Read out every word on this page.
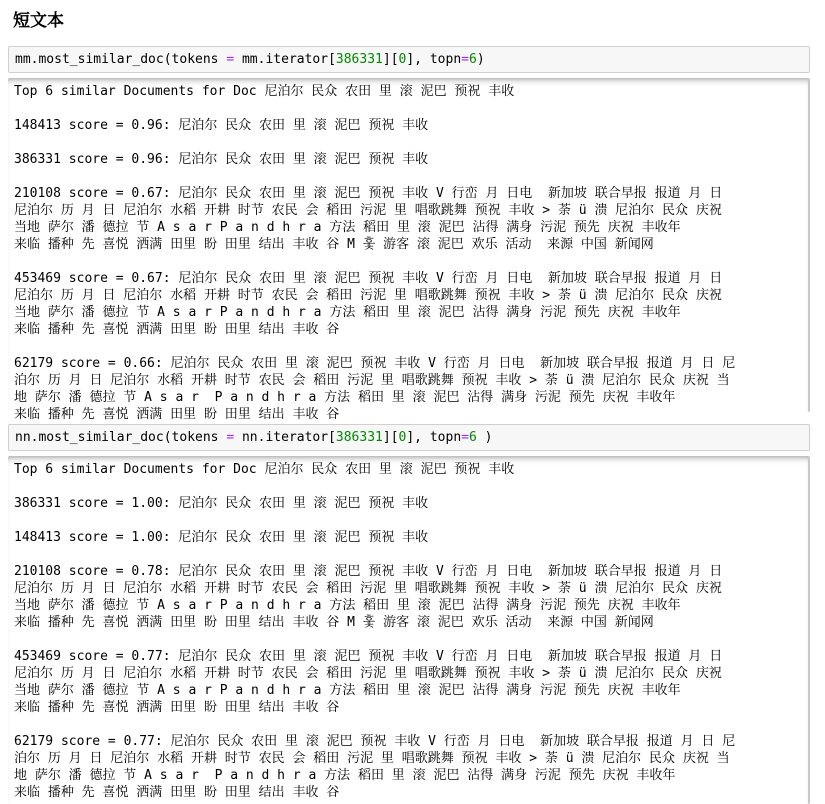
短文本
mm.most_similar_doc(tokens = mm.iterator[386331][0], topn=6)
Top 6 similar Documents for Doc 尼泊尔 民众 农田 里 滚 泥巴 预祝 丰收
148413 score = 0.96: 尼泊尔 民众 农田 里 滚 泥巴 预祝 丰收
386331 score = 0.96: 尼泊尔 民众 农田 里 滚 泥巴 预祝 丰收
210108 score = 0.67: 尼泊尔 民众 农田 里 滚 泥巴 预祝 丰收 V 行峦 月 日电  新加坡 联合早报 报道 月 日
尼泊尔 历 月 日 尼泊尔 水稻 开耕 时节 农民 会 稻田 污泥 里 唱歌跳舞 预祝 丰收 > 荼 ü 溃 尼泊尔 民众 庆祝
当地 萨尔 潘 德拉 节 A s a r P a n d h r a 方法 稻田 里 滚 泥巴 沾得 满身 污泥 预先 庆祝 丰收年
来临 播种 先 喜悦 洒满 田里 盼 田里 结出 丰收 谷 M 훛 游客 滚 泥巴 欢乐 活动  来源 中国 新闻网
453469 score = 0.67: 尼泊尔 民众 农田 里 滚 泥巴 预祝 丰收 V 行峦 月 日电  新加坡 联合早报 报道 月 日
尼泊尔 历 月 日 尼泊尔 水稻 开耕 时节 农民 会 稻田 污泥 里 唱歌跳舞 预祝 丰收 > 荼 ü 溃 尼泊尔 民众 庆祝
当地 萨尔 潘 德拉 节 A s a r P a n d h r a 方法 稻田 里 滚 泥巴 沾得 满身 污泥 预先 庆祝 丰收年
来临 播种 先 喜悦 洒满 田里 盼 田里 结出 丰收 谷
62179 score = 0.66: 尼泊尔 民众 农田 里 滚 泥巴 预祝 丰收 V 行峦 月 日电  新加坡 联合早报 报道 月 日 尼
泊尔 历 月 日 尼泊尔 水稻 开耕 时节 农民 会 稻田 污泥 里 唱歌跳舞 预祝 丰收 > 荼 ü 溃 尼泊尔 民众 庆祝 当
地 萨尔 潘 德拉 节 A s a r  P a n d h r a 方法 稻田 里 滚 泥巴 沾得 满身 污泥 预先 庆祝 丰收年
来临 播种 先 喜悦 洒满 田里 盼 田里 结出 丰收 谷
nn.most_similar_doc(tokens = nn.iterator[386331][0], topn=6 )
Top 6 similar Documents for Doc 尼泊尔 民众 农田 里 滚 泥巴 预祝 丰收
386331 score = 1.00: 尼泊尔 民众 农田 里 滚 泥巴 预祝 丰收
148413 score = 1.00: 尼泊尔 民众 农田 里 滚 泥巴 预祝 丰收
210108 score = 0.78: 尼泊尔 民众 农田 里 滚 泥巴 预祝 丰收 V 行峦 月 日电  新加坡 联合早报 报道 月 日
尼泊尔 历 月 日 尼泊尔 水稻 开耕 时节 农民 会 稻田 污泥 里 唱歌跳舞 预祝 丰收 > 荼 ü 溃 尼泊尔 民众 庆祝
当地 萨尔 潘 德拉 节 A s a r P a n d h r a 方法 稻田 里 滚 泥巴 沾得 满身 污泥 预先 庆祝 丰收年
来临 播种 先 喜悦 洒满 田里 盼 田里 结出 丰收 谷 M 훛 游客 滚 泥巴 欢乐 活动  来源 中国 新闻网
453469 score = 0.77: 尼泊尔 民众 农田 里 滚 泥巴 预祝 丰收 V 行峦 月 日电  新加坡 联合早报 报道 月 日
尼泊尔 历 月 日 尼泊尔 水稻 开耕 时节 农民 会 稻田 污泥 里 唱歌跳舞 预祝 丰收 > 荼 ü 溃 尼泊尔 民众 庆祝
当地 萨尔 潘 德拉 节 A s a r P a n d h r a 方法 稻田 里 滚 泥巴 沾得 满身 污泥 预先 庆祝 丰收年
来临 播种 先 喜悦 洒满 田里 盼 田里 结出 丰收 谷
62179 score = 0.77: 尼泊尔 民众 农田 里 滚 泥巴 预祝 丰收 V 行峦 月 日电  新加坡 联合早报 报道 月 日 尼
泊尔 历 月 日 尼泊尔 水稻 开耕 时节 农民 会 稻田 污泥 里 唱歌跳舞 预祝 丰收 > 荼 ü 溃 尼泊尔 民众 庆祝 当
地 萨尔 潘 德拉 节 A s a r  P a n d h r a 方法 稻田 里 滚 泥巴 沾得 满身 污泥 预先 庆祝 丰收年
来临 播种 先 喜悦 洒满 田里 盼 田里 结出 丰收 谷
